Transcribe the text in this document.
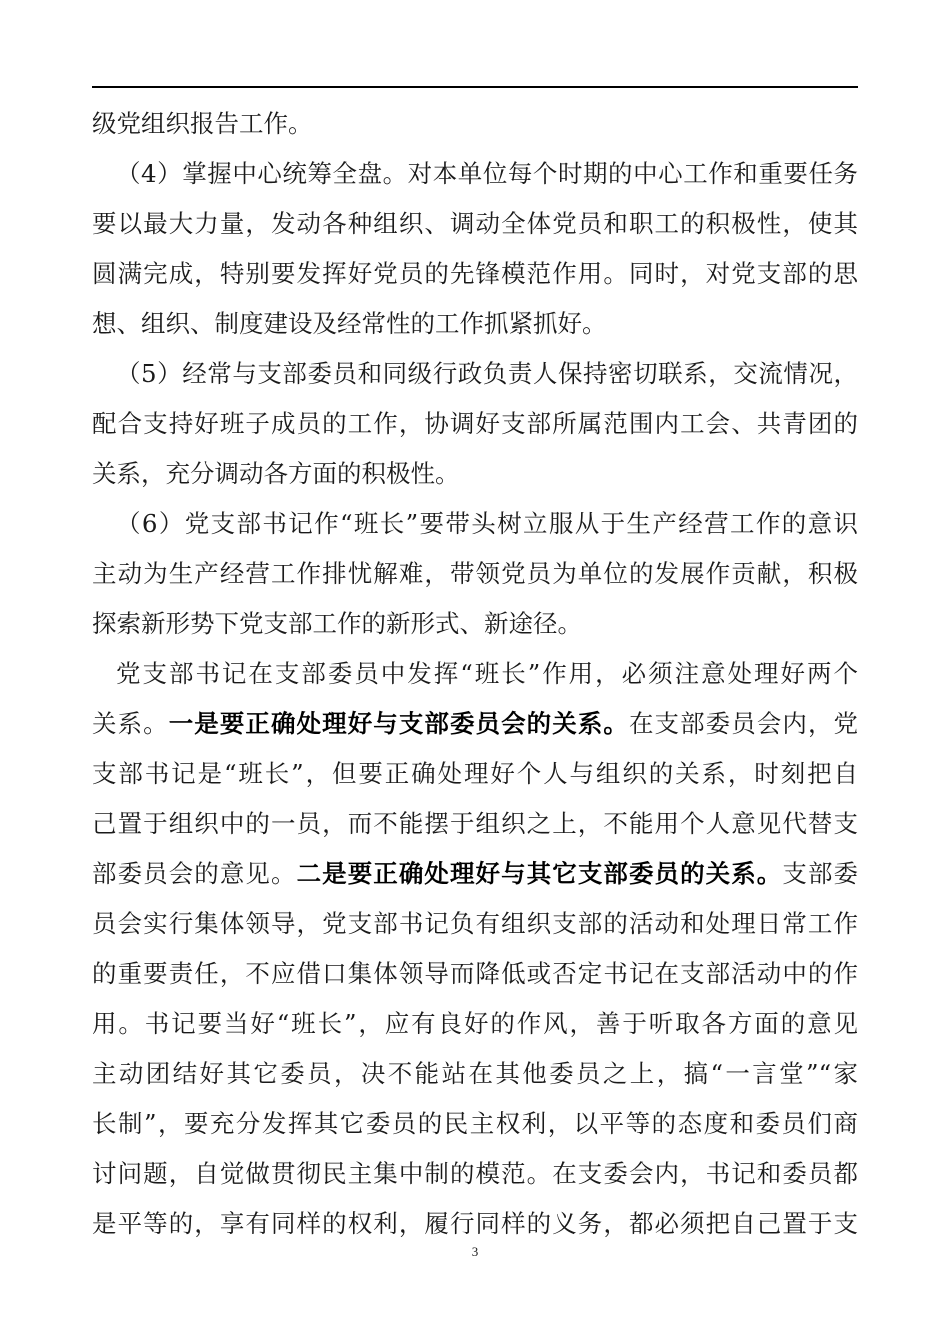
级党组织报告工作。
（4）掌握中心统筹全盘。对本单位每个时期的中心工作和重要任务
要以最大力量，发动各种组织、调动全体党员和职工的积极性，使其
圆满完成，特别要发挥好党员的先锋模范作用。同时，对党支部的思
想、组织、制度建设及经常性的工作抓紧抓好。
（5）经常与支部委员和同级行政负责人保持密切联系，交流情况，
配合支持好班子成员的工作，协调好支部所属范围内工会、共青团的
关系，充分调动各方面的积极性。
（6）党支部书记作“班长”要带头树立服从于生产经营工作的意识
主动为生产经营工作排忧解难，带领党员为单位的发展作贡献，积极
探索新形势下党支部工作的新形式、新途径。
党支部书记在支部委员中发挥“班长”作用，必须注意处理好两个
关系。一是要正确处理好与支部委员会的关系。在支部委员会内，党
支部书记是“班长”，但要正确处理好个人与组织的关系，时刻把自
己置于组织中的一员，而不能摆于组织之上，不能用个人意见代替支
部委员会的意见。二是要正确处理好与其它支部委员的关系。支部委
员会实行集体领导，党支部书记负有组织支部的活动和处理日常工作
的重要责任，不应借口集体领导而降低或否定书记在支部活动中的作
用。书记要当好“班长”，应有良好的作风，善于听取各方面的意见
主动团结好其它委员，决不能站在其他委员之上，搞“一言堂”“家
长制”，要充分发挥其它委员的民主权利，以平等的态度和委员们商
讨问题，自觉做贯彻民主集中制的模范。在支委会内，书记和委员都
是平等的，享有同样的权利，履行同样的义务，都必须把自己置于支
3
